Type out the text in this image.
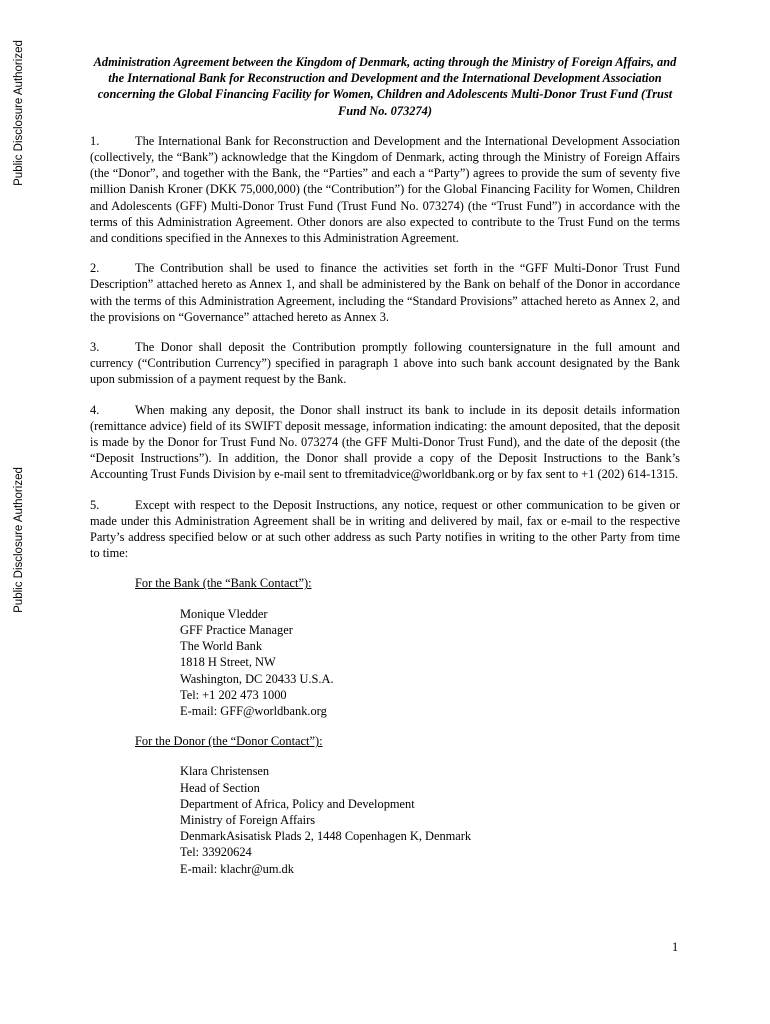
Public Disclosure Authorized
Public Disclosure Authorized

Administration Agreement between the Kingdom of Denmark, acting through the Ministry of Foreign Affairs, and the International Bank for Reconstruction and Development and the International Development Association concerning the Global Financing Facility for Women, Children and Adolescents Multi-Donor Trust Fund (Trust Fund No. 073274)

1.	The International Bank for Reconstruction and Development and the International Development Association (collectively, the “Bank”) acknowledge that the Kingdom of Denmark, acting through the Ministry of Foreign Affairs (the “Donor”, and together with the Bank, the “Parties” and each a “Party”) agrees to provide the sum of seventy five million Danish Kroner (DKK 75,000,000) (the “Contribution”) for the Global Financing Facility for Women, Children and Adolescents (GFF) Multi-Donor Trust Fund (Trust Fund No. 073274) (the “Trust Fund”) in accordance with the terms of this Administration Agreement. Other donors are also expected to contribute to the Trust Fund on the terms and conditions specified in the Annexes to this Administration Agreement.

2.	The Contribution shall be used to finance the activities set forth in the “GFF Multi-Donor Trust Fund Description” attached hereto as Annex 1, and shall be administered by the Bank on behalf of the Donor in accordance with the terms of this Administration Agreement, including the “Standard Provisions” attached hereto as Annex 2, and the provisions on “Governance” attached hereto as Annex 3.

3.	The Donor shall deposit the Contribution promptly following countersignature in the full amount and currency (“Contribution Currency”) specified in paragraph 1 above into such bank account designated by the Bank upon submission of a payment request by the Bank.

4.	When making any deposit, the Donor shall instruct its bank to include in its deposit details information (remittance advice) field of its SWIFT deposit message, information indicating: the amount deposited, that the deposit is made by the Donor for Trust Fund No. 073274 (the GFF Multi-Donor Trust Fund), and the date of the deposit (the “Deposit Instructions”). In addition, the Donor shall provide a copy of the Deposit Instructions to the Bank’s Accounting Trust Funds Division by e-mail sent to tfremitadvice@worldbank.org or by fax sent to +1 (202) 614-1315.

5.	Except with respect to the Deposit Instructions, any notice, request or other communication to be given or made under this Administration Agreement shall be in writing and delivered by mail, fax or e-mail to the respective Party’s address specified below or at such other address as such Party notifies in writing to the other Party from time to time:

For the Bank (the “Bank Contact”):

Monique Vledder
GFF Practice Manager
The World Bank
1818 H Street, NW
Washington, DC 20433 U.S.A.
Tel: +1 202 473 1000
E-mail: GFF@worldbank.org

For the Donor (the “Donor Contact”):

Klara Christensen
Head of Section
Department of Africa, Policy and Development
Ministry of Foreign Affairs
DenmarkAsisatisk Plads 2, 1448 Copenhagen K, Denmark
Tel: 33920624
E-mail: klachr@um.dk
1
